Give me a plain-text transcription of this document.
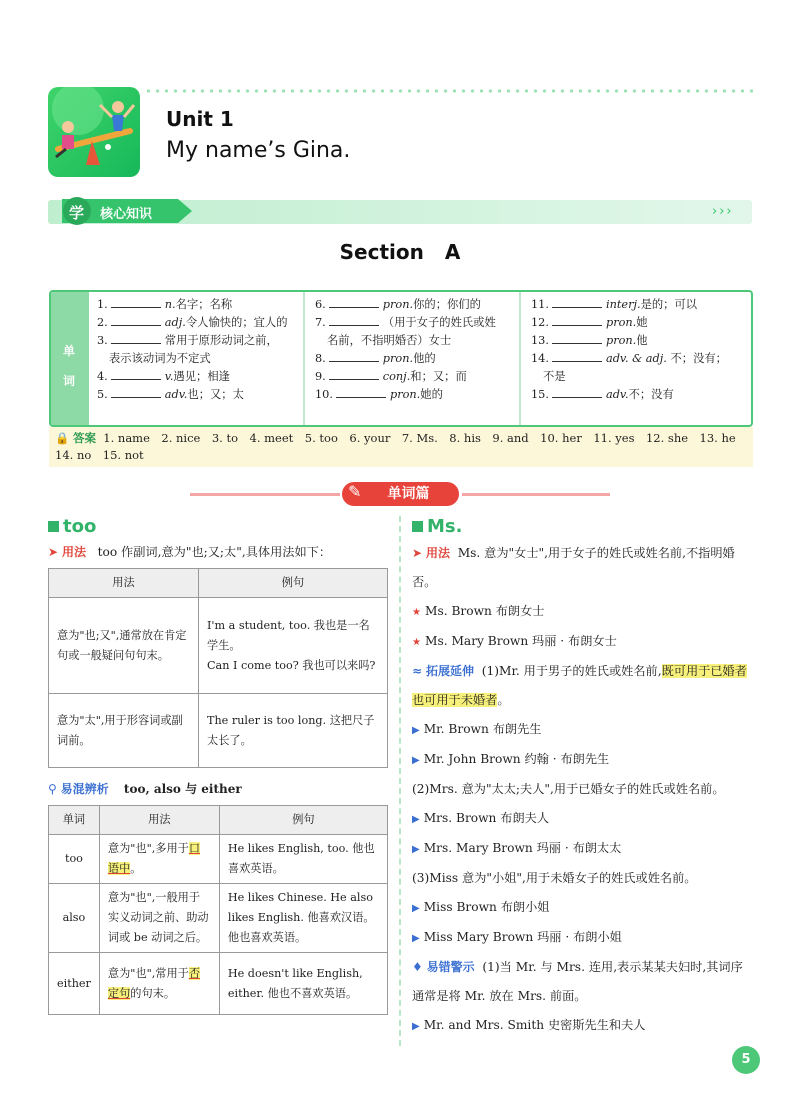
Unit 1
My name’s Gina.
学 核心知识	›››
Section A
单
词
1.	n.名字；名称
2.	adj.令人愉快的；宜人的
3.	常用于原形动词之前，
表示该动词为不定式
4.	v.遇见；相逢
5.	adv.也；又；太
6.	pron.你的；你们的
7.	（用于女子的姓氏或姓
名前，不指明婚否）女士
8.	pron.他的
9.	conj.和；又；而
10.	pron.她的
11.	interj.是的；可以
12.	pron.她
13.	pron.他
14.	adv. & adj. 不；没有；
不是
15.	adv.不；没有
🔒 答案 1. name　2. nice　3. to　4. meet　5. too　6. your　7. Ms.　8. his　9. and　10. her　11. yes　12. she　13. he
14. no　15. not
✎ 单词篇
too
➤ 用法 too 作副词,意为"也;又;太",具体用法如下：
用法	例句
意为"也;又",通常放在肯定句或一般疑问句句末。	I'm a student, too. 我也是一名学生。
Can I come too? 我也可以来吗?

意为"太",用于形容词或副词前。	The ruler is too long. 这把尺子太长了。
⚲ 易混辨析 too, also 与 either
单词	用法	例句
too	意为"也",多用于口语中。	He likes English, too. 他也喜欢英语。
also	意为"也",一般用于实义动词之前、助动词或 be 动词之后。	He likes Chinese. He also likes English. 他喜欢汉语。他也喜欢英语。
either	意为"也",常用于否定句的句末。	He doesn't like English, either. 他也不喜欢英语。
Ms.
➤ 用法 Ms. 意为"女士",用于女子的姓氏或姓名前,不指明婚否。
★ Ms. Brown 布朗女士
★ Ms. Mary Brown 玛丽 · 布朗女士
≈ 拓展延伸 (1)Mr. 用于男子的姓氏或姓名前,既可用于已婚者也可用于未婚者。
▶ Mr. Brown 布朗先生
▶ Mr. John Brown 约翰 · 布朗先生
(2)Mrs. 意为"太太;夫人",用于已婚女子的姓氏或姓名前。
▶ Mrs. Brown 布朗夫人
▶ Mrs. Mary Brown 玛丽 · 布朗太太
(3)Miss 意为"小姐",用于未婚女子的姓氏或姓名前。
▶ Miss Brown 布朗小姐
▶ Miss Mary Brown 玛丽 · 布朗小姐
♦ 易错警示 (1)当 Mr. 与 Mrs. 连用,表示某某夫妇时,其词序通常是将 Mr. 放在 Mrs. 前面。
▶ Mr. and Mrs. Smith 史密斯先生和夫人
5
